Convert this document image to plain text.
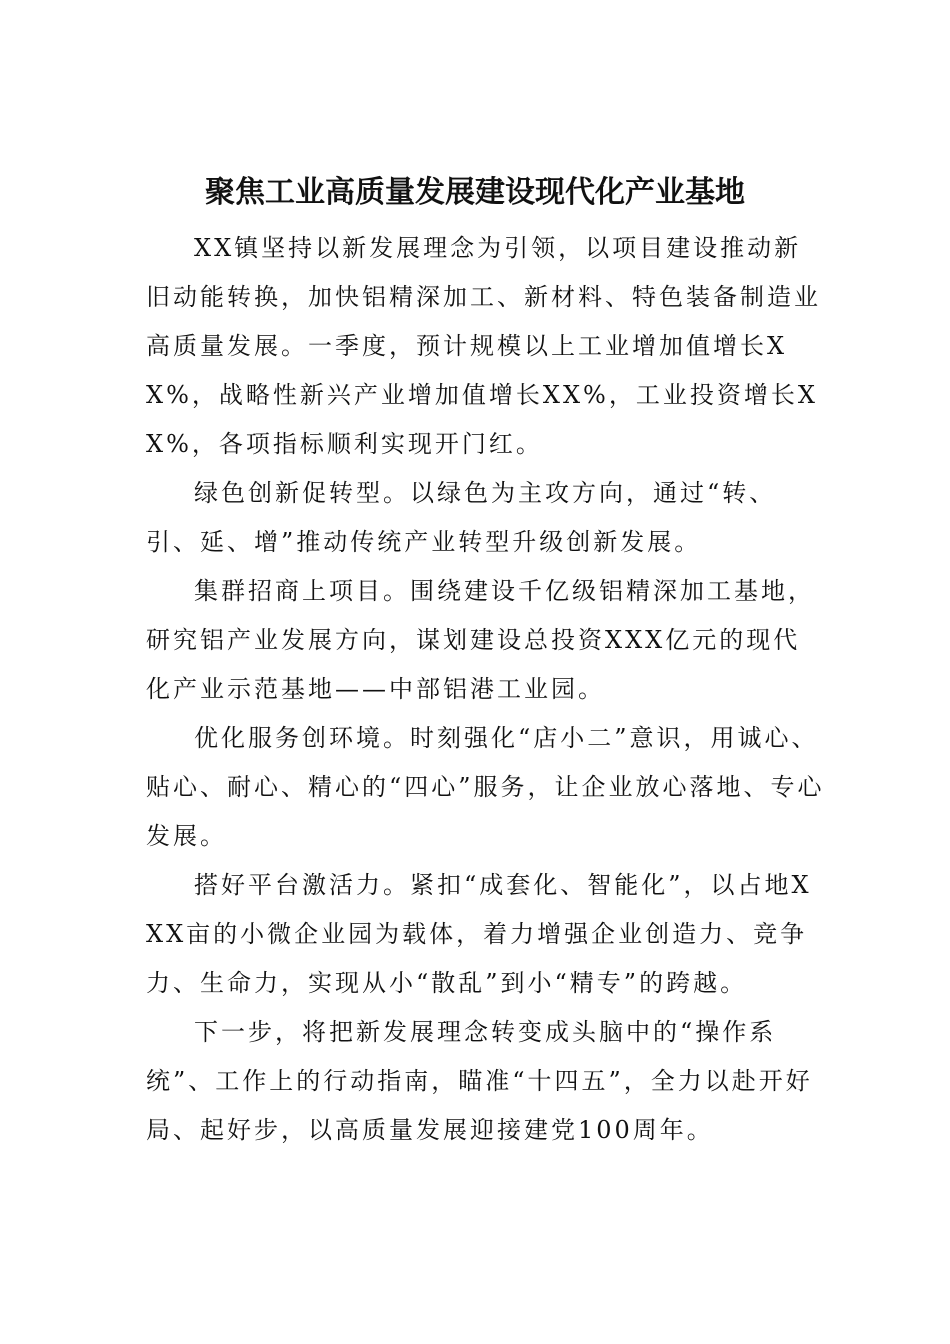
聚焦工业高质量发展建设现代化产业基地

XX镇坚持以新发展理念为引领，以项目建设推动新旧动能转换，加快铝精深加工、新材料、特色装备制造业高质量发展。一季度，预计规模以上工业增加值增长XX%，战略性新兴产业增加值增长XX%，工业投资增长XX%，各项指标顺利实现开门红。

绿色创新促转型。以绿色为主攻方向，通过“转、引、延、增”推动传统产业转型升级创新发展。

集群招商上项目。围绕建设千亿级铝精深加工基地，研究铝产业发展方向，谋划建设总投资XXX亿元的现代化产业示范基地——中部铝港工业园。

优化服务创环境。时刻强化“店小二”意识，用诚心、贴心、耐心、精心的“四心”服务，让企业放心落地、专心发展。

搭好平台激活力。紧扣“成套化、智能化”，以占地XXX亩的小微企业园为载体，着力增强企业创造力、竞争力、生命力，实现从小“散乱”到小“精专”的跨越。

下一步，将把新发展理念转变成头脑中的“操作系统”、工作上的行动指南，瞄准“十四五”，全力以赴开好局、起好步，以高质量发展迎接建党100周年。
